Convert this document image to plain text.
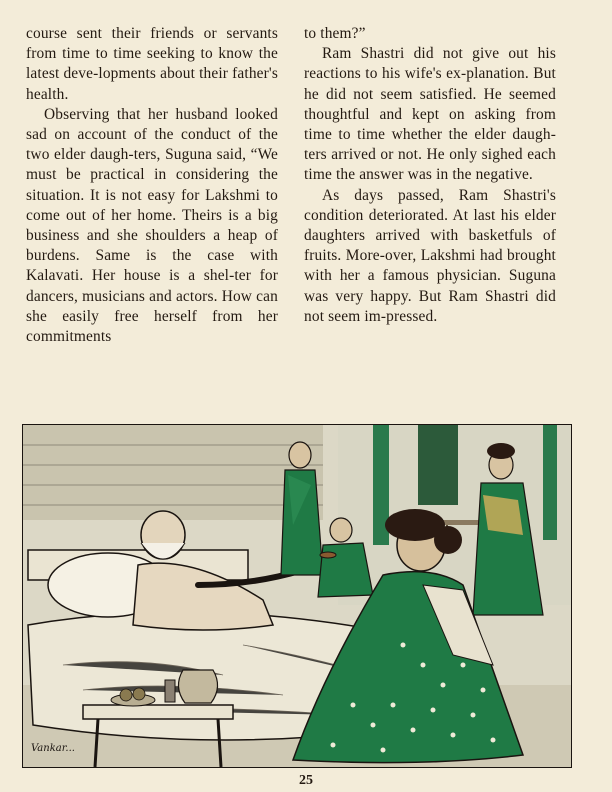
course sent their friends or servants from time to time seeking to know the latest deve-lopments about their father's health.

Observing that her husband looked sad on account of the conduct of the two elder daugh-ters, Suguna said, “We must be practical in considering the situation. It is not easy for Lakshmi to come out of her home. Theirs is a big business and she shoulders a heap of burdens. Same is the case with Kalavati. Her house is a shel-ter for dancers, musicians and actors. How can she easily free herself from her commitments

to them?”

Ram Shastri did not give out his reactions to his wife's ex-planation. But he did not seem satisfied. He seemed thoughtful and kept on asking from time to time whether the elder daugh-ters arrived or not. He only sighed each time the answer was in the negative.

As days passed, Ram Shastri's condition deteriorated. At last his elder daughters arrived with basketfuls of fruits. More-over, Lakshmi had brought with her a famous physician. Suguna was very happy. But Ram Shastri did not seem im-pressed.

Vankar...
25
